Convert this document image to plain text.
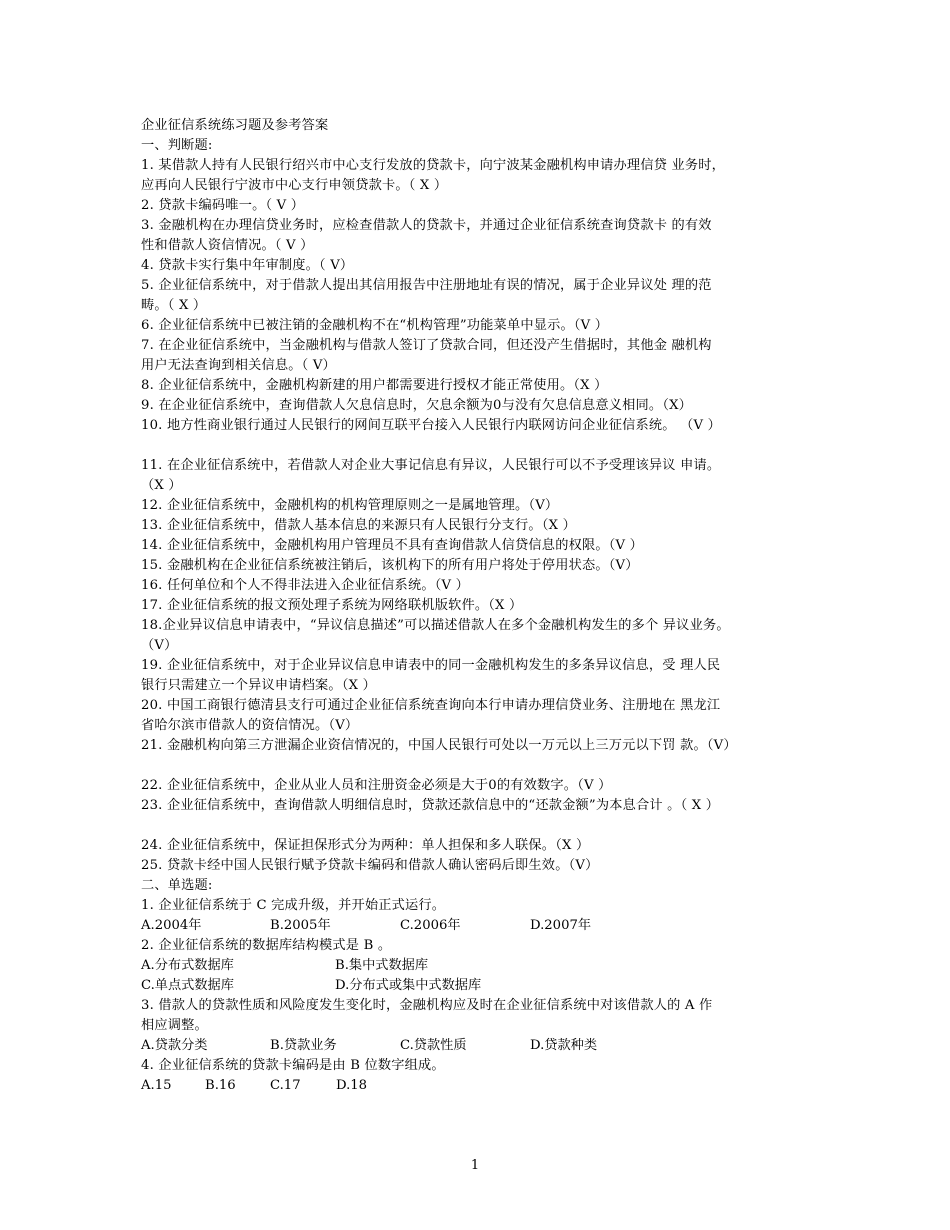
企业征信系统练习题及参考答案
一、判断题:
1. 某借款人持有人民银行绍兴市中心支行发放的贷款卡，向宁波某金融机构申请办理信贷 业务时，
应再向人民银行宁波市中心支行申领贷款卡。（ X ）
2. 贷款卡编码唯一。（ V ）
3. 金融机构在办理信贷业务时，应检查借款人的贷款卡，并通过企业征信系统查询贷款卡 的有效
性和借款人资信情况。（ V ）
4. 贷款卡实行集中年审制度。（ V）
5. 企业征信系统中，对于借款人提出其信用报告中注册地址有误的情况，属于企业异议处 理的范
畴。（ X ）
6. 企业征信系统中已被注销的金融机构不在“机构管理”功能菜单中显示。（V ）
7. 在企业征信系统中，当金融机构与借款人签订了贷款合同，但还没产生借据时，其他金 融机构
用户无法查询到相关信息。（ V）
8. 企业征信系统中，金融机构新建的用户都需要进行授权才能正常使用。（X ）
9. 在企业征信系统中，查询借款人欠息信息时，欠息余额为0与没有欠息信息意义相同。（X）
10. 地方性商业银行通过人民银行的网间互联平台接入人民银行内联网访问企业征信系统。 （V ）
11. 在企业征信系统中，若借款人对企业大事记信息有异议，人民银行可以不予受理该异议 申请。
（X ）
12. 企业征信系统中，金融机构的机构管理原则之一是属地管理。（V）
13. 企业征信系统中，借款人基本信息的来源只有人民银行分支行。（X ）
14. 企业征信系统中，金融机构用户管理员不具有查询借款人信贷信息的权限。（V ）
15. 金融机构在企业征信系统被注销后，该机构下的所有用户将处于停用状态。（V）
16. 任何单位和个人不得非法进入企业征信系统。（V ）
17. 企业征信系统的报文预处理子系统为网络联机版软件。（X ）
18.企业异议信息申请表中，“异议信息描述”可以描述借款人在多个金融机构发生的多个 异议业务。
（V）
19. 企业征信系统中，对于企业异议信息申请表中的同一金融机构发生的多条异议信息，受 理人民
银行只需建立一个异议申请档案。（X ）
20. 中国工商银行德清县支行可通过企业征信系统查询向本行申请办理信贷业务、注册地在 黑龙江
省哈尔滨市借款人的资信情况。（V）
21. 金融机构向第三方泄漏企业资信情况的，中国人民银行可处以一万元以上三万元以下罚 款。（V）
22. 企业征信系统中，企业从业人员和注册资金必须是大于0的有效数字。（V ）
23. 企业征信系统中，查询借款人明细信息时，贷款还款信息中的“还款金额”为本息合计 。（ X ）
24. 企业征信系统中，保证担保形式分为两种：单人担保和多人联保。（X ）
25. 贷款卡经中国人民银行赋予贷款卡编码和借款人确认密码后即生效。（V）
二、单选题:
1. 企业征信系统于 C 完成升级，并开始正式运行。
A.2004年	B.2005年	C.2006年	D.2007年
2. 企业征信系统的数据库结构模式是 B 。
A.分布式数据库	B.集中式数据库
C.单点式数据库	D.分布式或集中式数据库
3. 借款人的贷款性质和风险度发生变化时，金融机构应及时在企业征信系统中对该借款人的 A 作
相应调整。
A.贷款分类	B.贷款业务	C.贷款性质	D.贷款种类
4. 企业征信系统的贷款卡编码是由 B 位数字组成。
A.15	B.16	C.17	D.18
1
